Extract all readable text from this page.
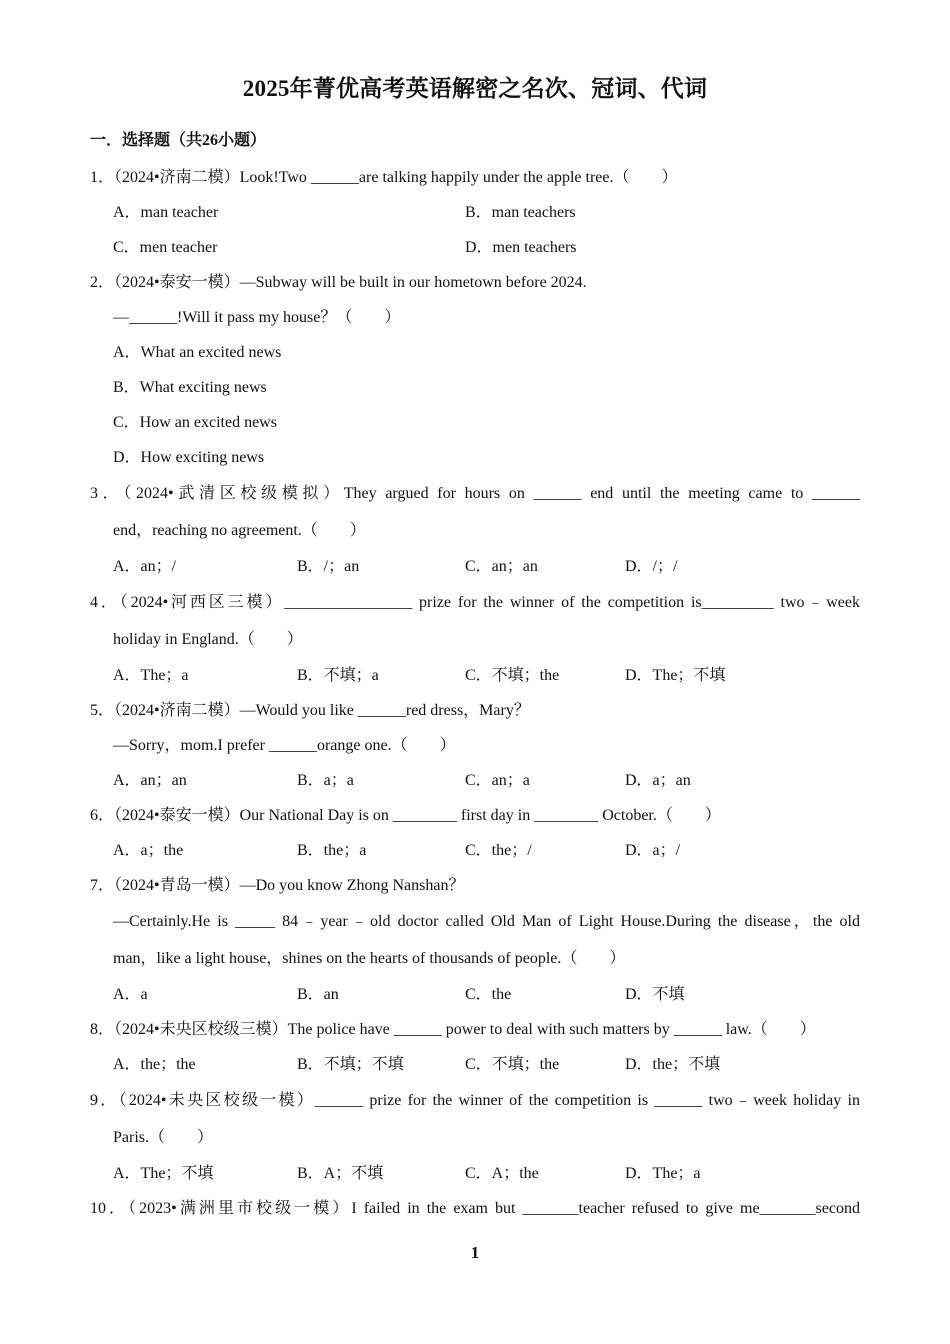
2025年菁优高考英语解密之名次、冠词、代词
一．选择题（共26小题）
1．（2024•济南二模）Look!Two ______are talking happily under the apple tree.（　　）
A．man teacher	B．man teachers
C．men teacher	D．men teachers
2．（2024•泰安一模）—Subway will be built in our hometown before 2024.
—______!Will it pass my house？（　　）
A．What an excited news
B．What exciting news
C．How an excited news
D．How exciting news
3．（2024•武清区校级模拟）They argued for hours on ______ end until the meeting came to ______
end，reaching no agreement.（　　）
A．an；/	B．/；an	C．an；an	D．/；/
4．（2024•河西区三模）________________ prize for the winner of the competition is_________ two﹣week
holiday in England.（　　）
A．The；a	B．不填；a	C．不填；the	D．The；不填
5．（2024•济南二模）—Would you like ______red dress，Mary？
—Sorry，mom.I prefer ______orange one.（　　）
A．an；an	B．a；a	C．an；a	D．a；an
6．（2024•泰安一模）Our National Day is on ________ first day in ________ October.（　　）
A．a；the	B．the；a	C．the；/	D．a；/
7．（2024•青岛一模）—Do you know Zhong Nanshan？
—Certainly.He is _____ 84﹣year﹣old doctor called Old Man of Light House.During the disease，the old
man，like a light house，shines on the hearts of thousands of people.（　　）
A．a	B．an	C．the	D．不填
8．（2024•未央区校级三模）The police have ______ power to deal with such matters by ______ law.（　　）
A．the；the	B．不填；不填	C．不填；the	D．the；不填
9．（2024•未央区校级一模）______ prize for the winner of the competition is ______ two﹣week holiday in
Paris.（　　）
A．The；不填	B．A；不填	C．A；the	D．The；a
10．（2023•满洲里市校级一模）I failed in the exam but _______teacher refused to give me_______second
1
